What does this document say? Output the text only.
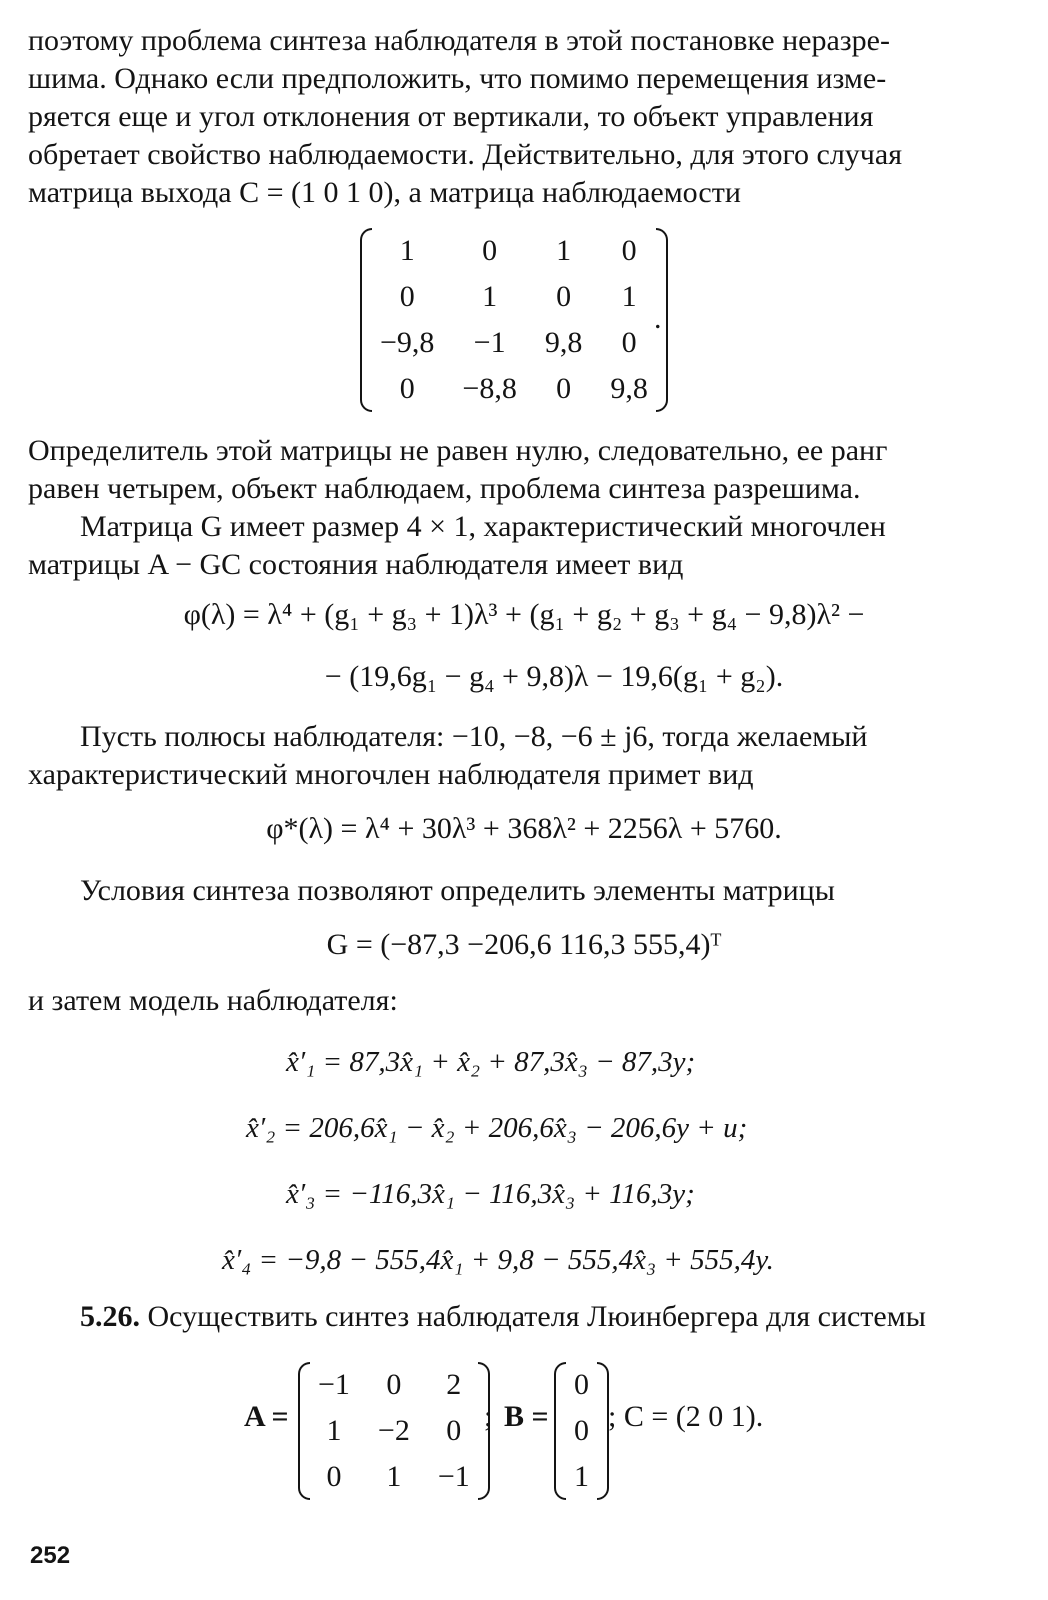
поэтому проблема синтеза наблюдателя в этой постановке неразре-
шима. Однако если предположить, что помимо перемещения изме-
ряется еще и угол отклонения от вертикали, то объект управления
обретает свойство наблюдаемости. Действительно, для этого случая
матрица выхода C = (1 0 1 0), а матрица наблюдаемости
1	0	1	0
0	1	0	1
−9,8	−1	9,8	0
0	−8,8	0	9,8
.
Определитель этой матрицы не равен нулю, следовательно, ее ранг
равен четырем, объект наблюдаем, проблема синтеза разрешима.
Матрица G имеет размер 4 × 1, характеристический многочлен
матрицы A − GC состояния наблюдателя имеет вид
φ(λ) = λ⁴ + (g₁ + g₃ + 1)λ³ + (g₁ + g₂ + g₃ + g₄ − 9,8)λ² −
− (19,6g₁ − g₄ + 9,8)λ − 19,6(g₁ + g₂).
Пусть полюсы наблюдателя: −10, −8, −6 ± j6, тогда желаемый
характеристический многочлен наблюдателя примет вид
φ*(λ) = λ⁴ + 30λ³ + 368λ² + 2256λ + 5760.
Условия синтеза позволяют определить элементы матрицы
G = (−87,3 −206,6 116,3 555,4)ᵀ
и затем модель наблюдателя:
x̂′₁ = 87,3x̂₁ + x̂₂ + 87,3x̂₃ − 87,3y;
x̂′₂ = 206,6x̂₁ − x̂₂ + 206,6x̂₃ − 206,6y + u;
x̂′₃ = −116,3x̂₁ − 116,3x̂₃ + 116,3y;
x̂′₄ = −9,8 − 555,4x̂₁ + 9,8 − 555,4x̂₃ + 555,4y.
5.26. Осуществить синтез наблюдателя Люинбергера для системы
A =
−1	0	2
1	−2	0
0	1	−1
; B =
0
0
1
; C = (2 0 1).
252
